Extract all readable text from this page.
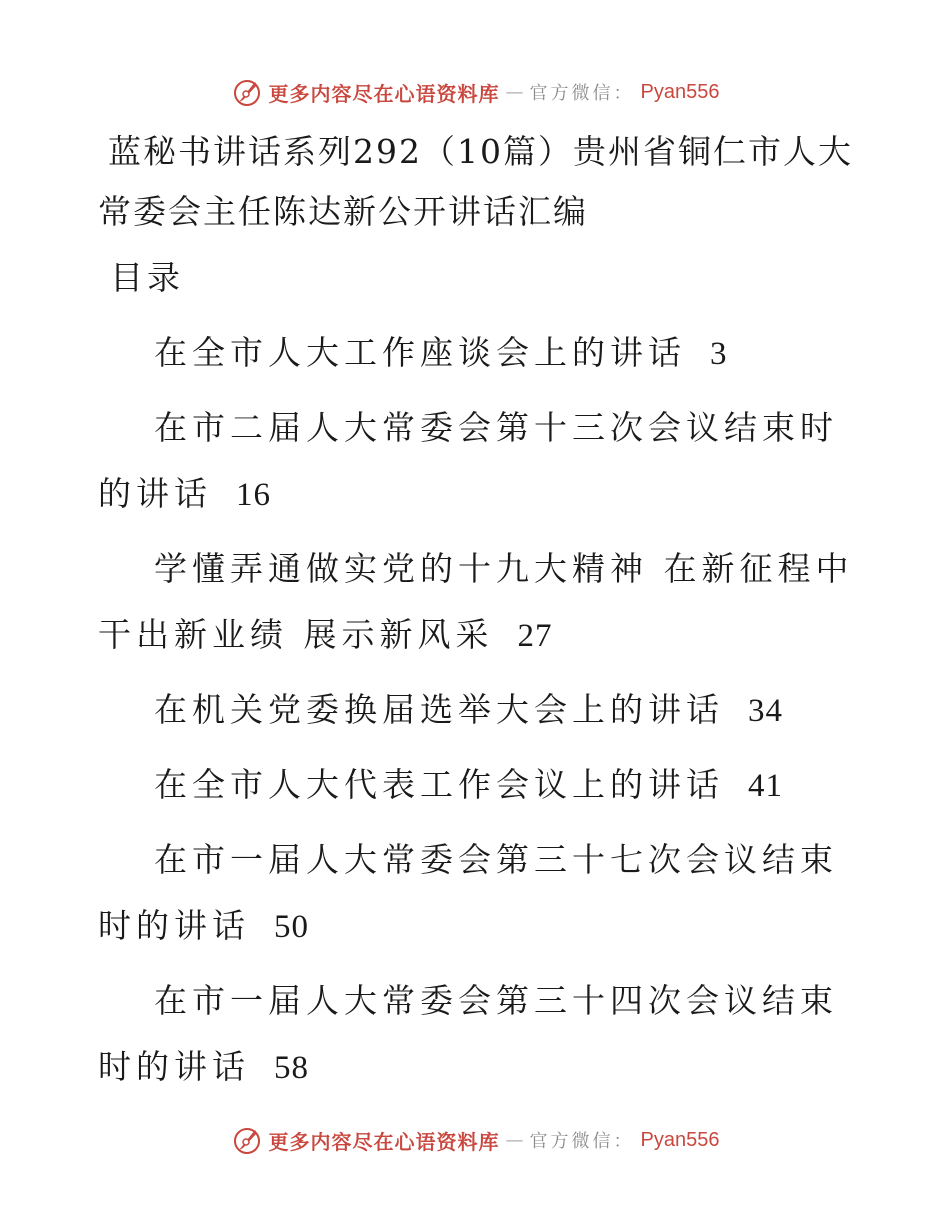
更多内容尽在心语资料库 — 官方微信： Pyan556
蓝秘书讲话系列292（10篇）贵州省铜仁市人大常委会主任陈达新公开讲话汇编
目录
在全市人大工作座谈会上的讲话 3
在市二届人大常委会第十三次会议结束时的讲话 16
学懂弄通做实党的十九大精神 在新征程中干出新业绩 展示新风采 27
在机关党委换届选举大会上的讲话 34
在全市人大代表工作会议上的讲话 41
在市一届人大常委会第三十七次会议结束时的讲话 50
在市一届人大常委会第三十四次会议结束时的讲话 58
更多内容尽在心语资料库 — 官方微信： Pyan556
